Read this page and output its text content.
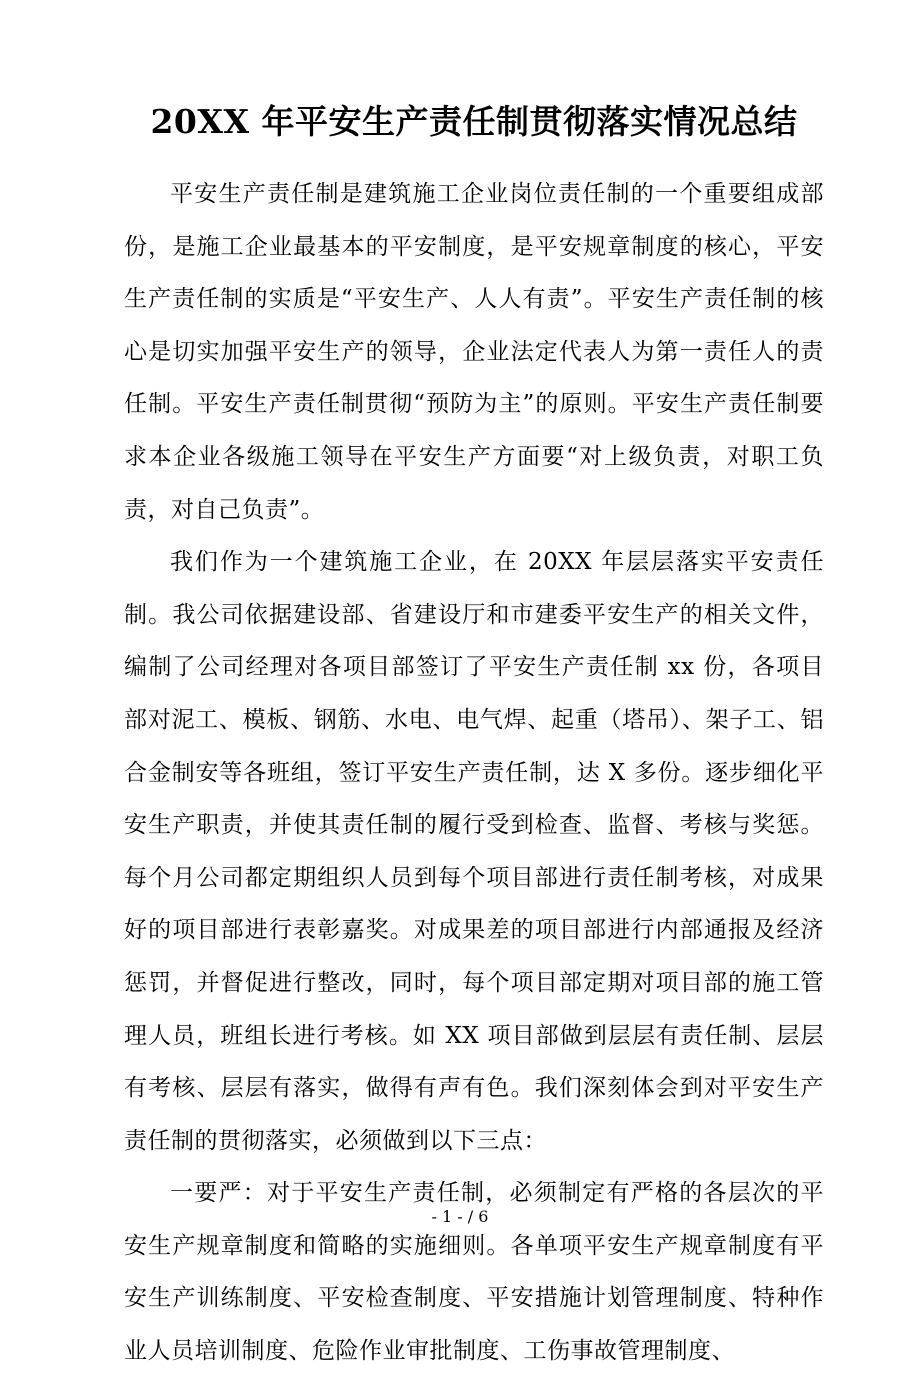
20XX 年平安生产责任制贯彻落实情况总结

平安生产责任制是建筑施工企业岗位责任制的一个重要组成部份，是施工企业最基本的平安制度，是平安规章制度的核心，平安生产责任制的实质是“平安生产、人人有责”。平安生产责任制的核心是切实加强平安生产的领导，企业法定代表人为第一责任人的责任制。平安生产责任制贯彻“预防为主”的原则。平安生产责任制要求本企业各级施工领导在平安生产方面要“对上级负责，对职工负责，对自己负责”。

我们作为一个建筑施工企业，在 20XX 年层层落实平安责任制。我公司依据建设部、省建设厅和市建委平安生产的相关文件，编制了公司经理对各项目部签订了平安生产责任制 xx 份，各项目部对泥工、模板、钢筋、水电、电气焊、起重（塔吊）、架子工、铝合金制安等各班组，签订平安生产责任制，达 X 多份。逐步细化平安生产职责，并使其责任制的履行受到检查、监督、考核与奖惩。每个月公司都定期组织人员到每个项目部进行责任制考核，对成果好的项目部进行表彰嘉奖。对成果差的项目部进行内部通报及经济惩罚，并督促进行整改，同时，每个项目部定期对项目部的施工管理人员，班组长进行考核。如 XX 项目部做到层层有责任制、层层有考核、层层有落实，做得有声有色。我们深刻体会到对平安生产责任制的贯彻落实，必须做到以下三点：

一要严：对于平安生产责任制，必须制定有严格的各层次的平安生产规章制度和简略的实施细则。各单项平安生产规章制度有平安生产训练制度、平安检查制度、平安措施计划管理制度、特种作业人员培训制度、危险作业审批制度、工伤事故管理制度、

- 1 - / 6
